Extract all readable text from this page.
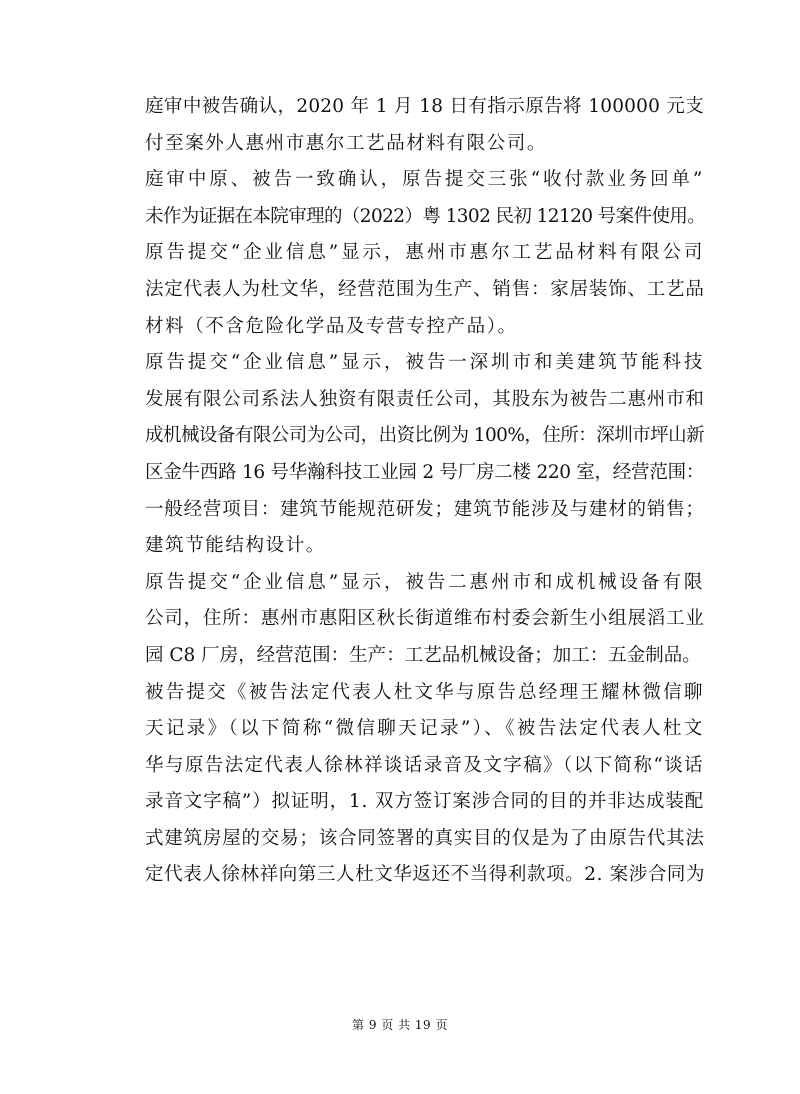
庭审中被告确认，2020 年 1 月 18 日有指示原告将 100000 元支
付至案外人惠州市惠尔工艺品材料有限公司。

庭审中原、被告一致确认，原告提交三张“收付款业务回单”
未作为证据在本院审理的（2022）粤 1302 民初 12120 号案件使用。

原告提交“企业信息”显示，惠州市惠尔工艺品材料有限公司
法定代表人为杜文华，经营范围为生产、销售：家居装饰、工艺品
材料（不含危险化学品及专营专控产品）。

原告提交“企业信息”显示，被告一深圳市和美建筑节能科技
发展有限公司系法人独资有限责任公司，其股东为被告二惠州市和
成机械设备有限公司为公司，出资比例为 100%，住所：深圳市坪山新
区金牛西路 16 号华瀚科技工业园 2 号厂房二楼 220 室，经营范围：
一般经营项目：建筑节能规范研发；建筑节能涉及与建材的销售；
建筑节能结构设计。

原告提交“企业信息”显示，被告二惠州市和成机械设备有限
公司，住所：惠州市惠阳区秋长街道维布村委会新生小组展滔工业
园 C8 厂房，经营范围：生产：工艺品机械设备；加工：五金制品。

被告提交《被告法定代表人杜文华与原告总经理王耀林微信聊
天记录》（以下简称“微信聊天记录”）、《被告法定代表人杜文
华与原告法定代表人徐林祥谈话录音及文字稿》（以下简称“谈话
录音文字稿”）拟证明，1. 双方签订案涉合同的目的并非达成装配
式建筑房屋的交易；该合同签署的真实目的仅是为了由原告代其法
定代表人徐林祥向第三人杜文华返还不当得利款项。2. 案涉合同为

第 9 页 共 19 页
